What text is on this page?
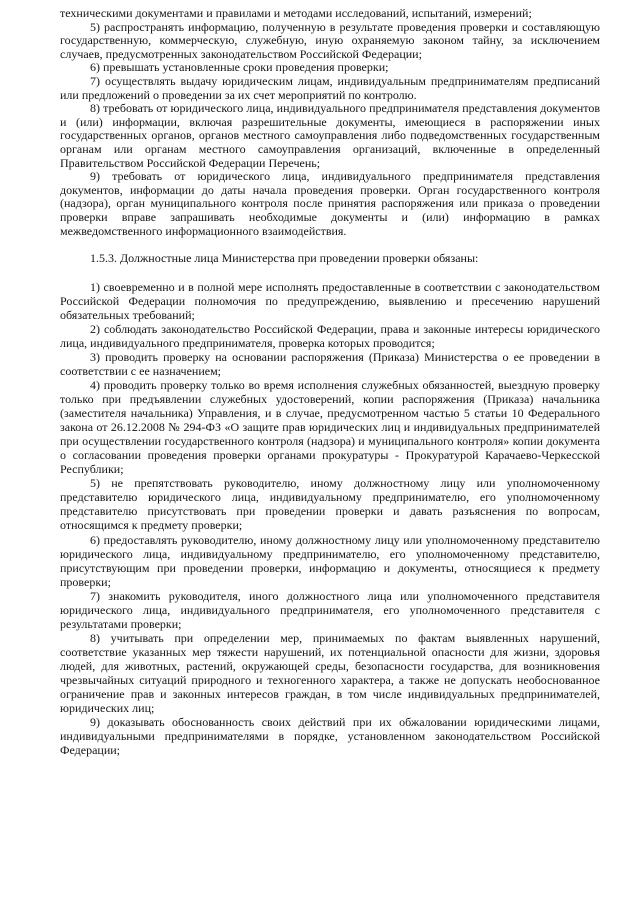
техническими документами и правилами и методами исследований, испытаний, измерений;

5) распространять информацию, полученную в результате проведения проверки и составляющую государственную, коммерческую, служебную, иную охраняемую законом тайну, за исключением случаев, предусмотренных законодательством Российской Федерации;

6) превышать установленные сроки проведения проверки;

7) осуществлять выдачу юридическим лицам, индивидуальным предпринимателям предписаний или предложений о проведении за их счет мероприятий по контролю.

8) требовать от юридического лица, индивидуального предпринимателя представления документов и (или) информации, включая разрешительные документы, имеющиеся в распоряжении иных государственных органов, органов местного самоуправления либо подведомственных государственным органам или органам местного самоуправления организаций, включенные в определенный Правительством Российской Федерации Перечень;

9) требовать от юридического лица, индивидуального предпринимателя представления документов, информации до даты начала проведения проверки. Орган государственного контроля (надзора), орган муниципального контроля после принятия распоряжения или приказа о проведении проверки вправе запрашивать необходимые документы и (или) информацию в рамках межведомственного информационного взаимодействия.

1.5.3. Должностные лица Министерства при проведении проверки обязаны:

1) своевременно и в полной мере исполнять предоставленные в соответствии с законодательством Российской Федерации полномочия по предупреждению, выявлению и пресечению нарушений обязательных требований;

2) соблюдать законодательство Российской Федерации, права и законные интересы юридического лица, индивидуального предпринимателя, проверка которых проводится;

3) проводить проверку на основании распоряжения (Приказа) Министерства о ее проведении в соответствии с ее назначением;

4) проводить проверку только во время исполнения служебных обязанностей, выездную проверку только при предъявлении служебных удостоверений, копии распоряжения (Приказа) начальника (заместителя начальника) Управления, и в случае, предусмотренном частью 5 статьи 10 Федерального закона от 26.12.2008 № 294-ФЗ «О защите прав юридических лиц и индивидуальных предпринимателей при осуществлении государственного контроля (надзора) и муниципального контроля» копии документа о согласовании проведения проверки органами прокуратуры - Прокуратурой Карачаево-Черкесской Республики;

5) не препятствовать руководителю, иному должностному лицу или уполномоченному представителю юридического лица, индивидуальному предпринимателю, его уполномоченному представителю присутствовать при проведении проверки и давать разъяснения по вопросам, относящимся к предмету проверки;

6) предоставлять руководителю, иному должностному лицу или уполномоченному представителю юридического лица, индивидуальному предпринимателю, его уполномоченному представителю, присутствующим при проведении проверки, информацию и документы, относящиеся к предмету проверки;

7) знакомить руководителя, иного должностного лица или уполномоченного представителя юридического лица, индивидуального предпринимателя, его уполномоченного представителя с результатами проверки;

8) учитывать при определении мер, принимаемых по фактам выявленных нарушений, соответствие указанных мер тяжести нарушений, их потенциальной опасности для жизни, здоровья людей, для животных, растений, окружающей среды, безопасности государства, для возникновения чрезвычайных ситуаций природного и техногенного характера, а также не допускать необоснованное ограничение прав и законных интересов граждан, в том числе индивидуальных предпринимателей, юридических лиц;

9) доказывать обоснованность своих действий при их обжаловании юридическими лицами, индивидуальными предпринимателями в порядке, установленном законодательством Российской Федерации;
